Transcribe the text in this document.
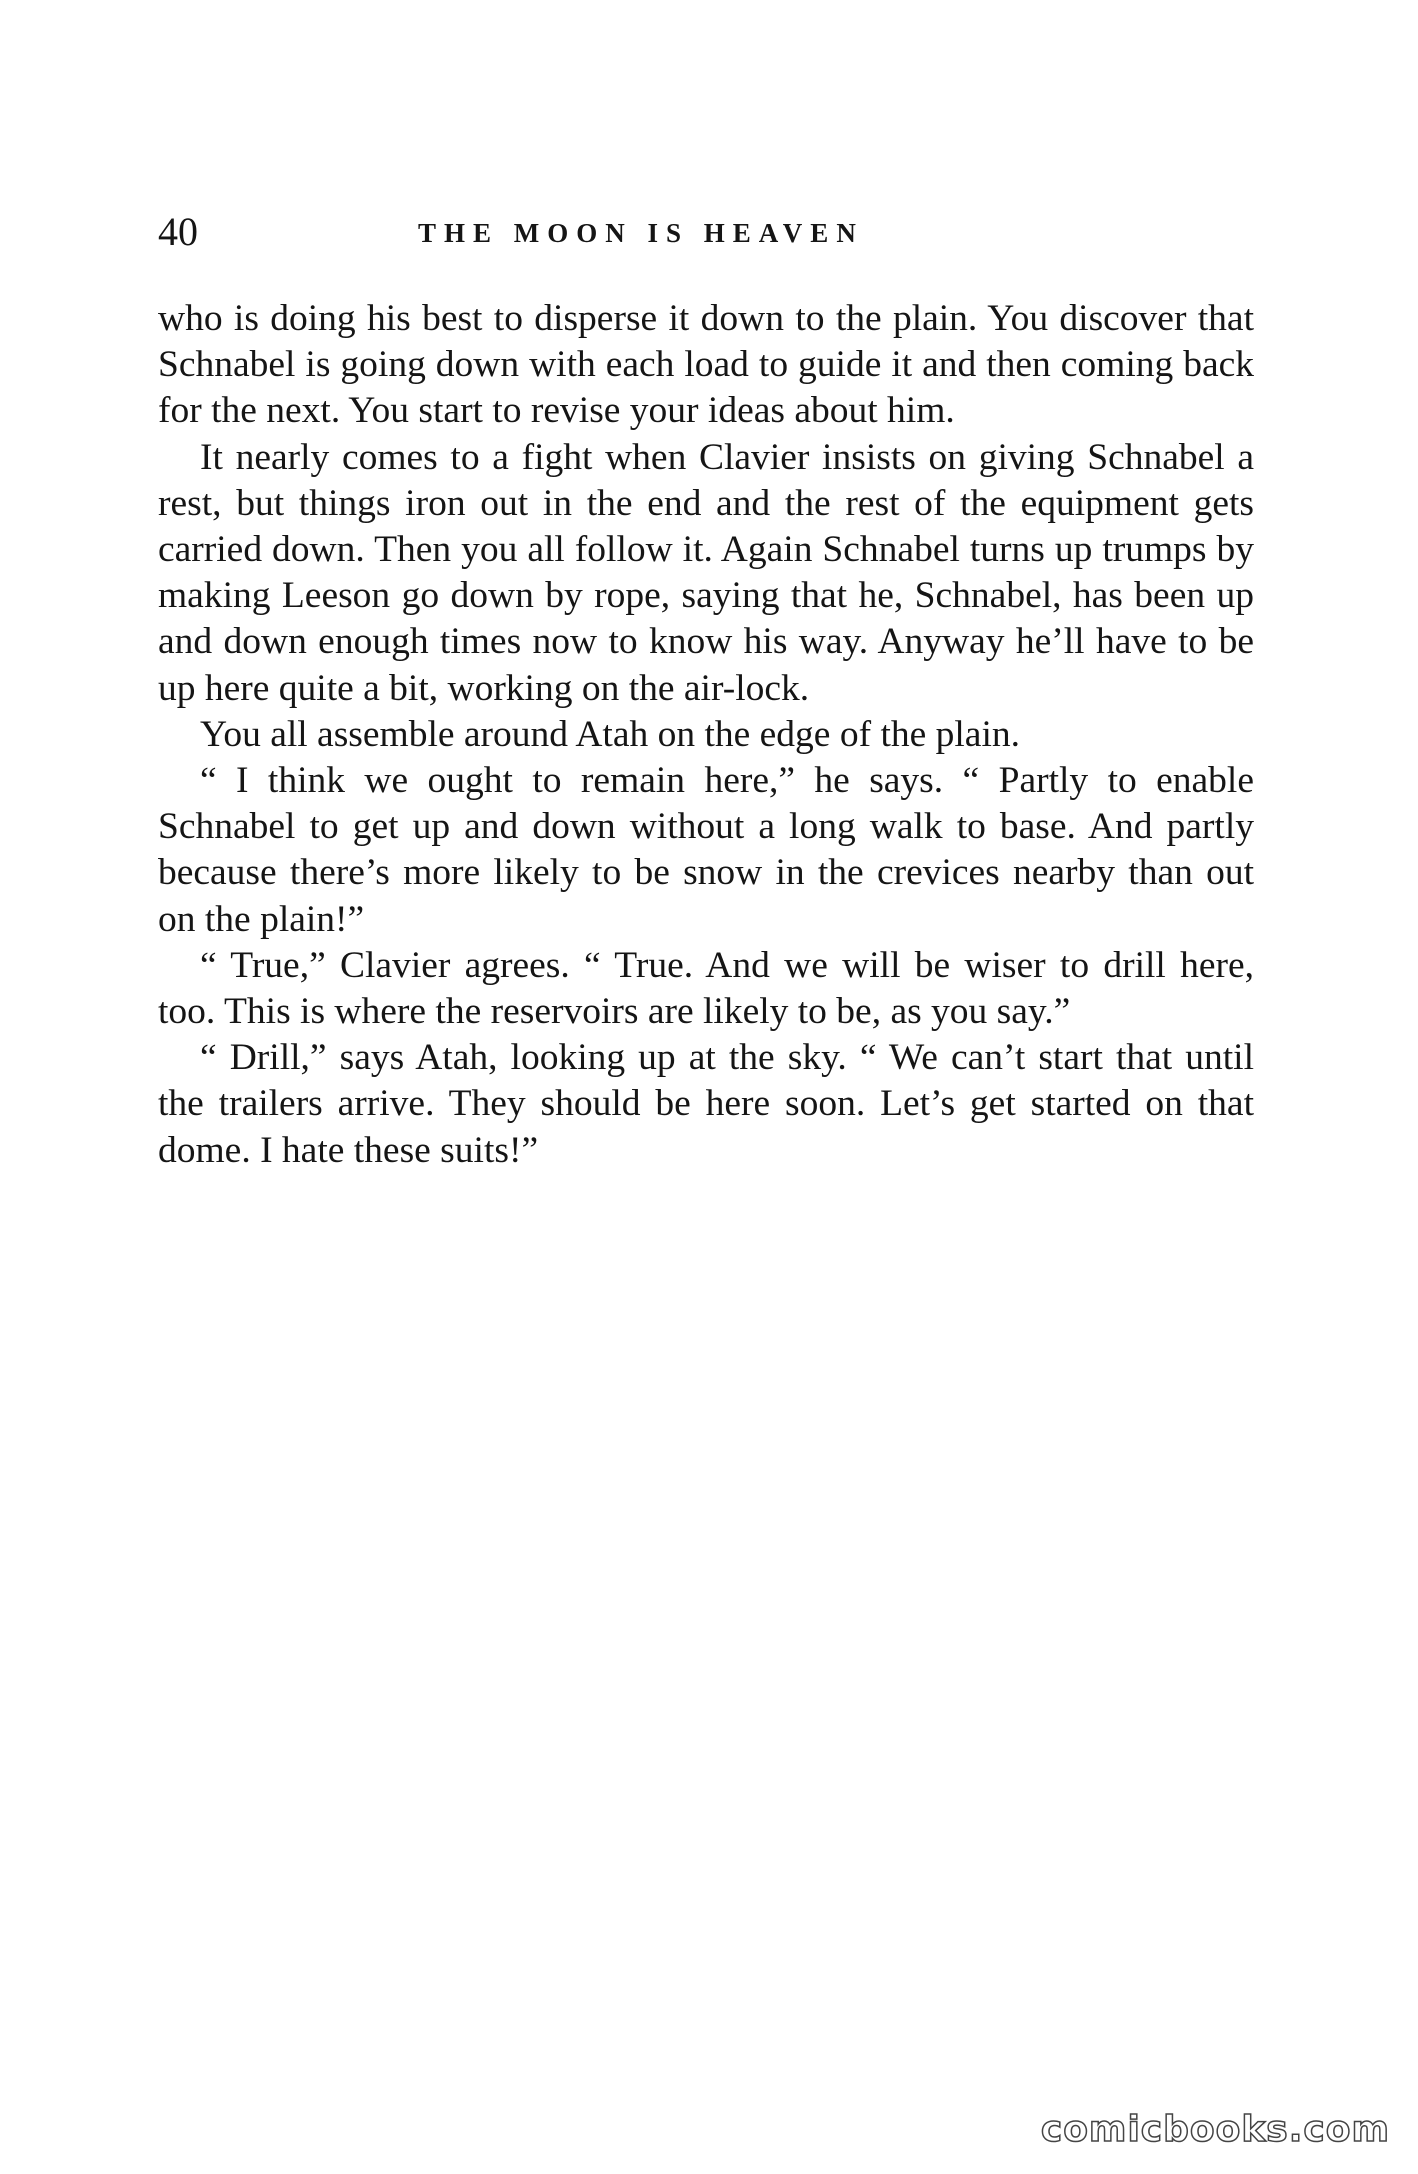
40	THE MOON IS HEAVEN

who is doing his best to disperse it down to the plain. You discover that Schnabel is going down with each load to guide it and then coming back for the next. You start to revise your ideas about him.

It nearly comes to a fight when Clavier insists on giving Schnabel a rest, but things iron out in the end and the rest of the equipment gets carried down. Then you all follow it. Again Schnabel turns up trumps by making Leeson go down by rope, saying that he, Schnabel, has been up and down enough times now to know his way. Anyway he’ll have to be up here quite a bit, working on the air-lock.

You all assemble around Atah on the edge of the plain.

“ I think we ought to remain here,” he says. “ Partly to enable Schnabel to get up and down without a long walk to base. And partly because there’s more likely to be snow in the crevices nearby than out on the plain!”

“ True,” Clavier agrees. “ True. And we will be wiser to drill here, too. This is where the reservoirs are likely to be, as you say.”

“ Drill,” says Atah, looking up at the sky. “ We can’t start that until the trailers arrive. They should be here soon. Let’s get started on that dome. I hate these suits!”

comicbooks.com
